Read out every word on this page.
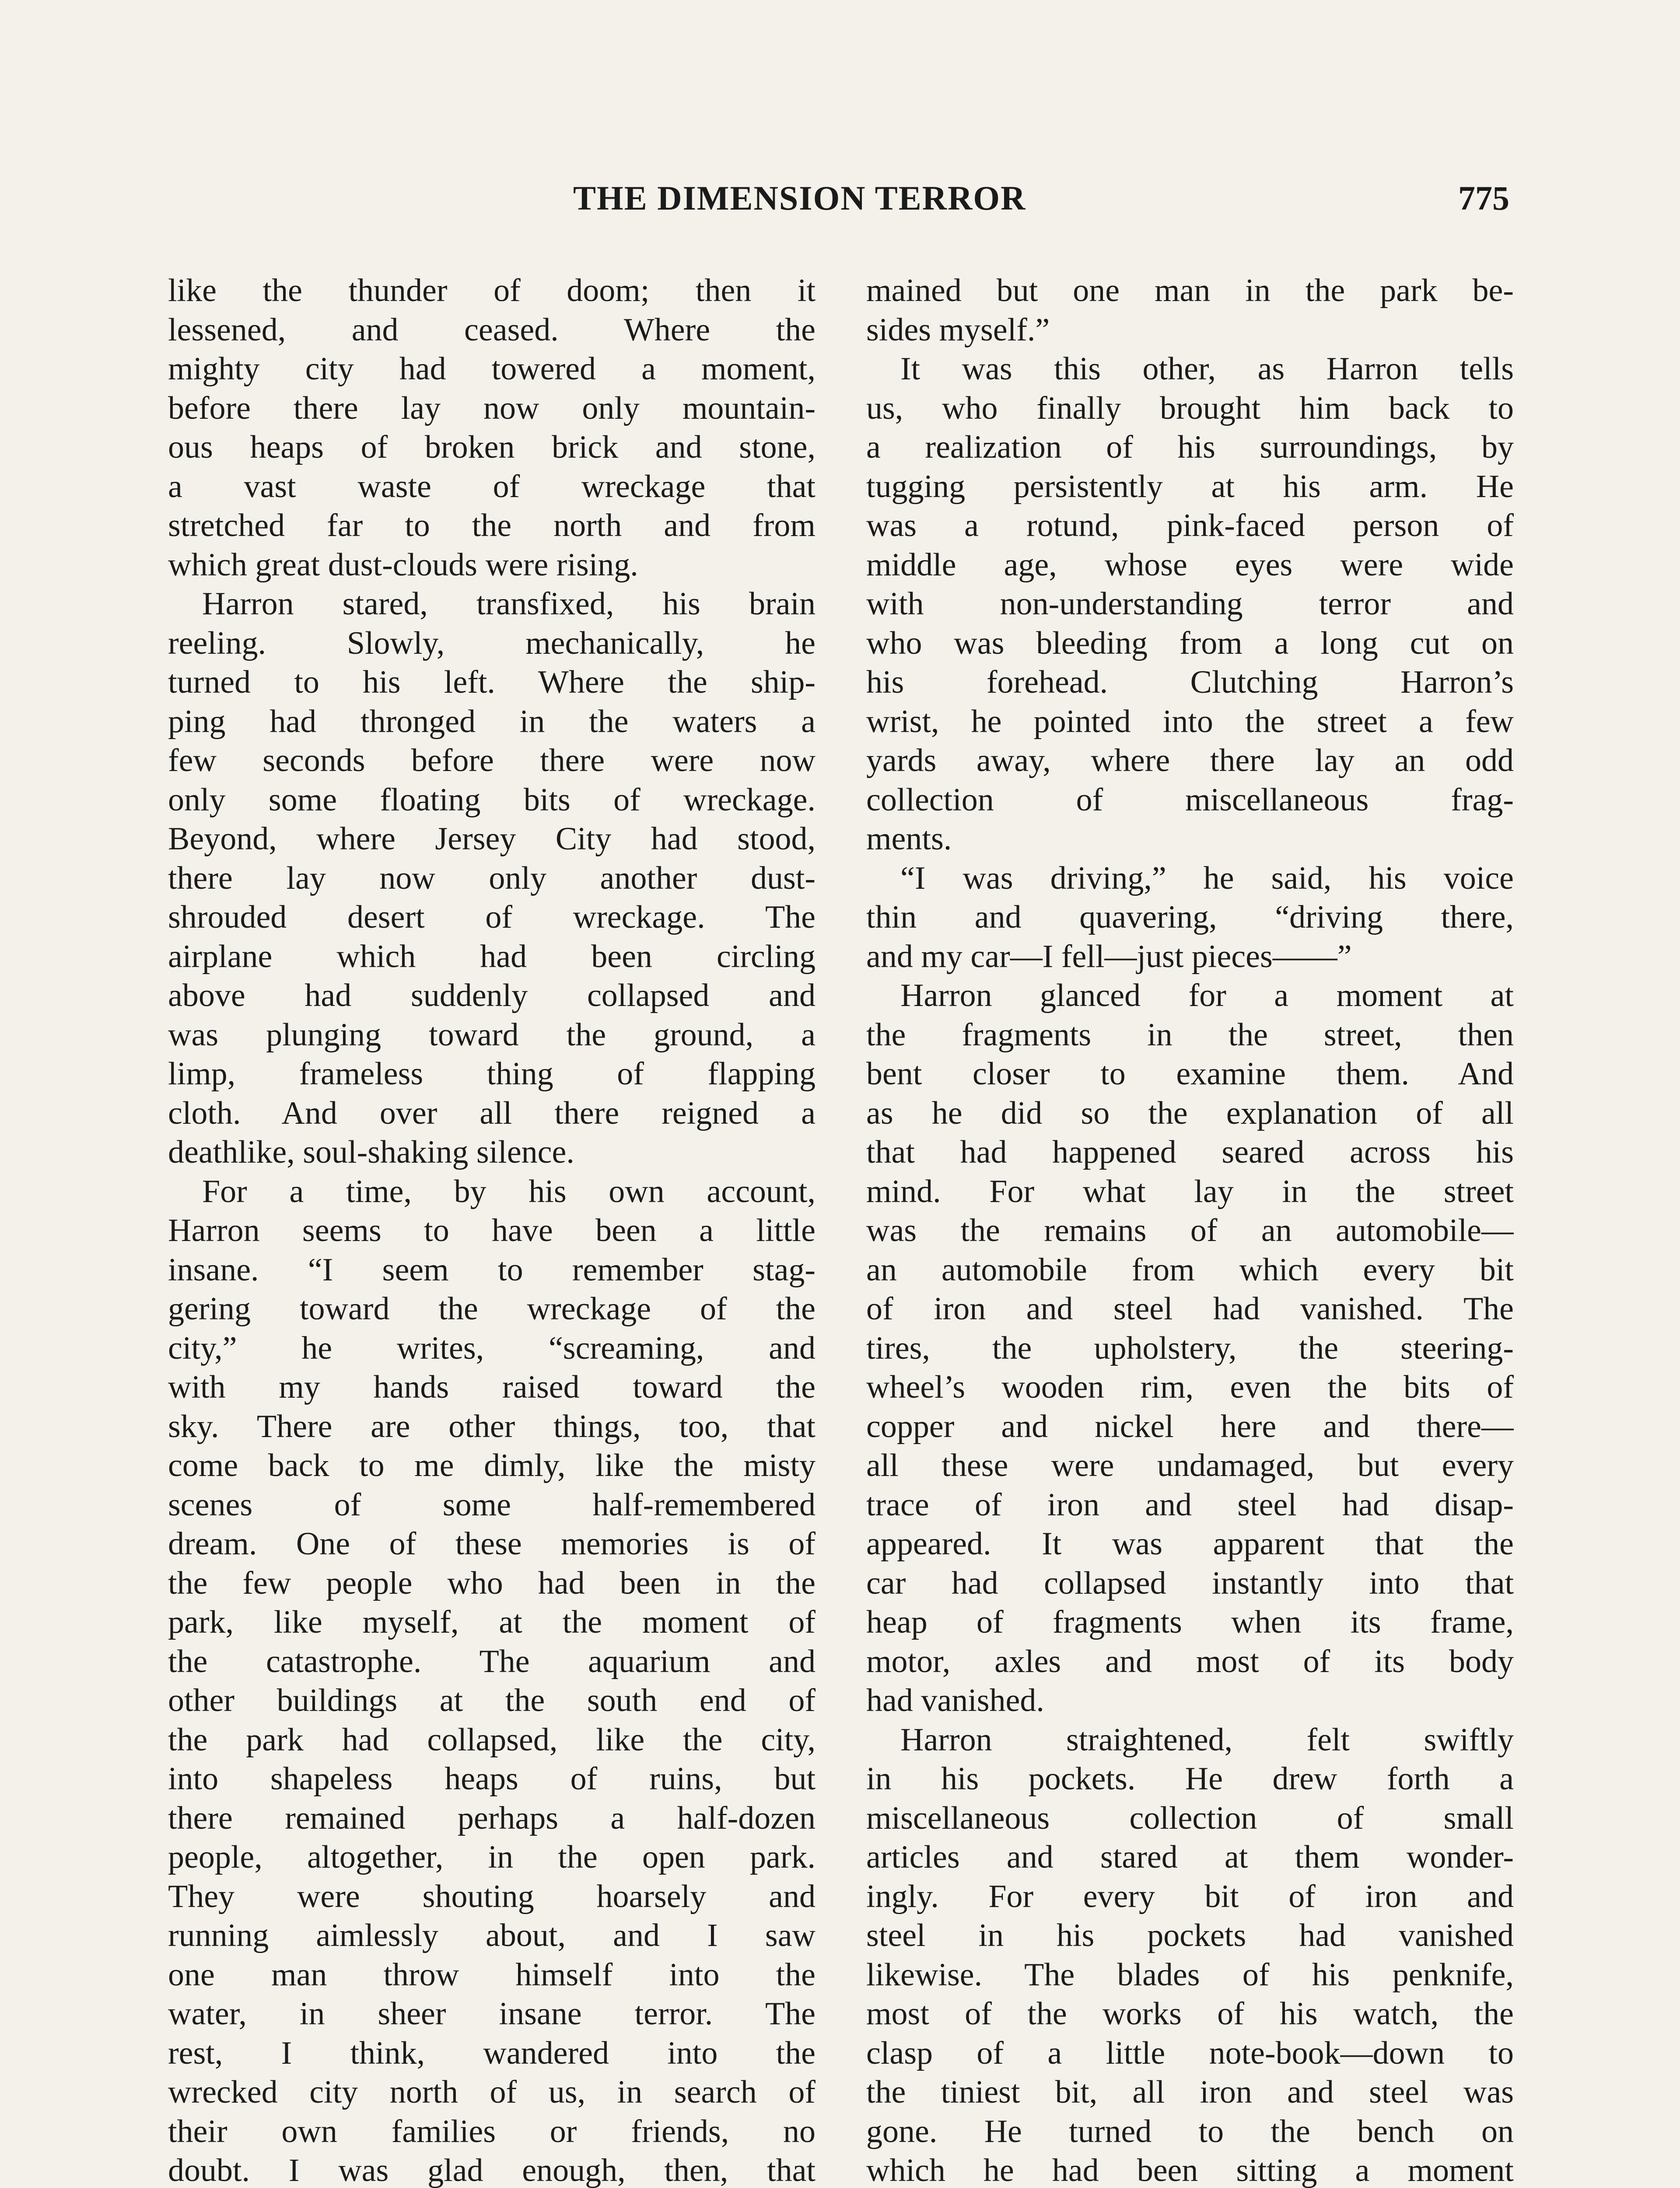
THE DIMENSION TERROR	775
like the thunder of doom; then it
lessened, and ceased. Where the
mighty city had towered a moment,
before there lay now only mountain-
ous heaps of broken brick and stone,
a vast waste of wreckage that
stretched far to the north and from
which great dust-clouds were rising.
Harron stared, transfixed, his brain
reeling. Slowly, mechanically, he
turned to his left. Where the ship-
ping had thronged in the waters a
few seconds before there were now
only some floating bits of wreckage.
Beyond, where Jersey City had stood,
there lay now only another dust-
shrouded desert of wreckage. The
airplane which had been circling
above had suddenly collapsed and
was plunging toward the ground, a
limp, frameless thing of flapping
cloth. And over all there reigned a
deathlike, soul-shaking silence.
For a time, by his own account,
Harron seems to have been a little
insane. “I seem to remember stag-
gering toward the wreckage of the
city,” he writes, “screaming, and
with my hands raised toward the
sky. There are other things, too, that
come back to me dimly, like the misty
scenes of some half-remembered
dream. One of these memories is of
the few people who had been in the
park, like myself, at the moment of
the catastrophe. The aquarium and
other buildings at the south end of
the park had collapsed, like the city,
into shapeless heaps of ruins, but
there remained perhaps a half-dozen
people, altogether, in the open park.
They were shouting hoarsely and
running aimlessly about, and I saw
one man throw himself into the
water, in sheer insane terror. The
rest, I think, wandered into the
wrecked city north of us, in search of
their own families or friends, no
doubt. I was glad enough, then, that
mained but one man in the park be-
sides myself.”
It was this other, as Harron tells
us, who finally brought him back to
a realization of his surroundings, by
tugging persistently at his arm. He
was a rotund, pink-faced person of
middle age, whose eyes were wide
with non-understanding terror and
who was bleeding from a long cut on
his forehead. Clutching Harron’s
wrist, he pointed into the street a few
yards away, where there lay an odd
collection of miscellaneous frag-
ments.
“I was driving,” he said, his voice
thin and quavering, “driving there,
and my car—I fell—just pieces——”
Harron glanced for a moment at
the fragments in the street, then
bent closer to examine them. And
as he did so the explanation of all
that had happened seared across his
mind. For what lay in the street
was the remains of an automobile—
an automobile from which every bit
of iron and steel had vanished. The
tires, the upholstery, the steering-
wheel’s wooden rim, even the bits of
copper and nickel here and there—
all these were undamaged, but every
trace of iron and steel had disap-
appeared. It was apparent that the
car had collapsed instantly into that
heap of fragments when its frame,
motor, axles and most of its body
had vanished.
Harron straightened, felt swiftly
in his pockets. He drew forth a
miscellaneous collection of small
articles and stared at them wonder-
ingly. For every bit of iron and
steel in his pockets had vanished
likewise. The blades of his penknife,
most of the works of his watch, the
clasp of a little note-book—down to
the tiniest bit, all iron and steel was
gone. He turned to the bench on
which he had been sitting a moment
